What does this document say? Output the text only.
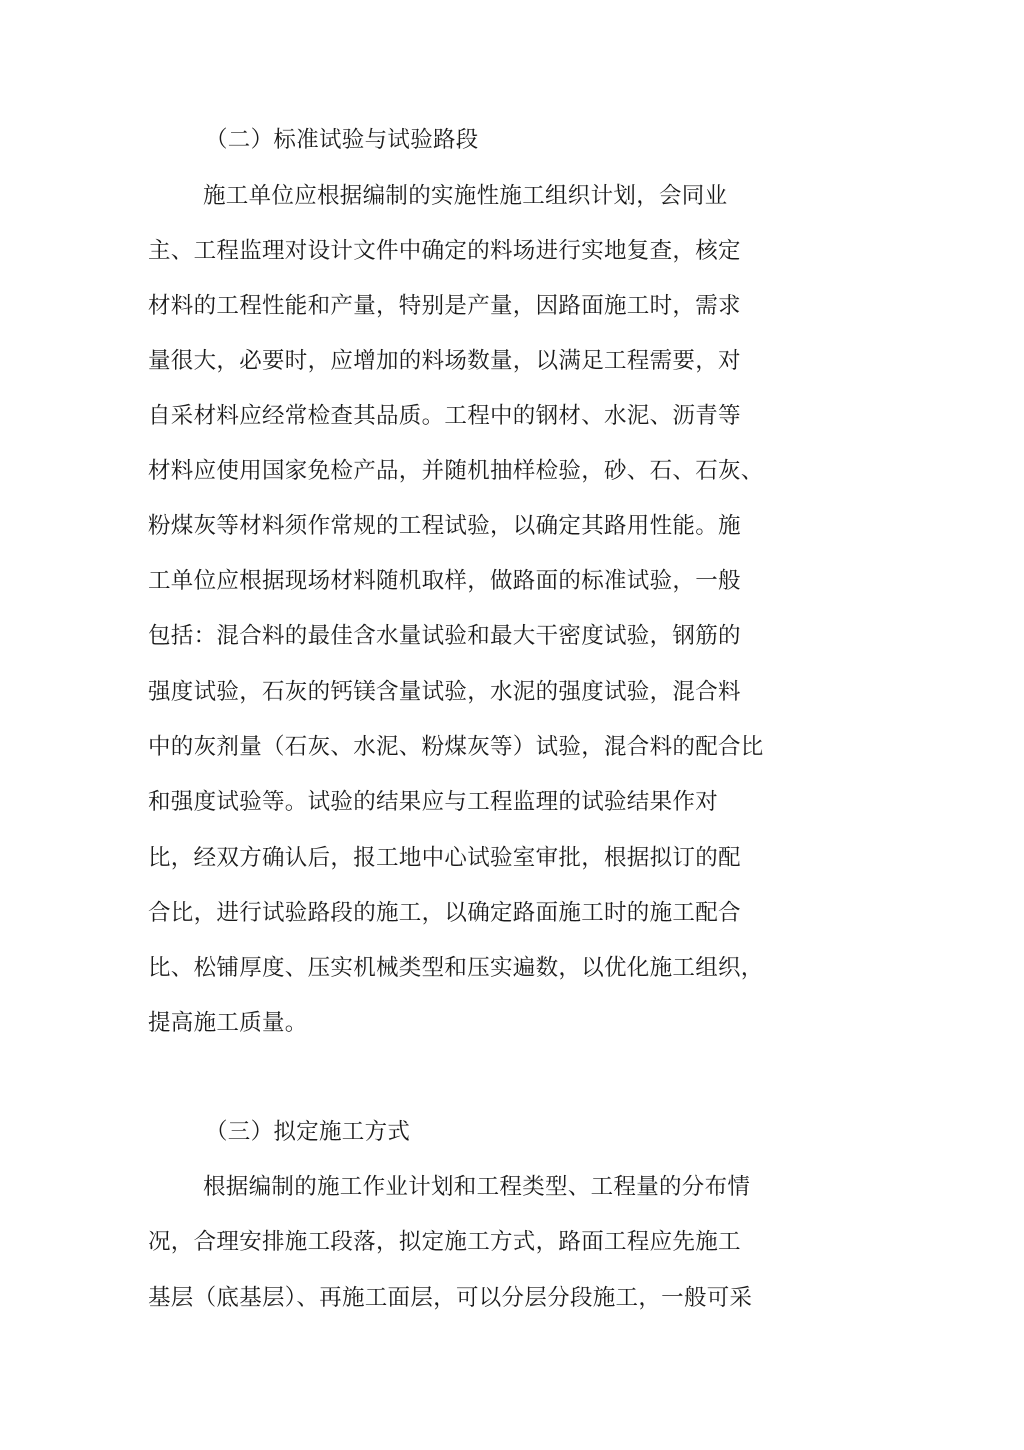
（二）标准试验与试验路段
施工单位应根据编制的实施性施工组织计划，会同业
主、工程监理对设计文件中确定的料场进行实地复查，核定
材料的工程性能和产量，特别是产量，因路面施工时，需求
量很大，必要时，应增加的料场数量，以满足工程需要，对
自采材料应经常检查其品质。工程中的钢材、水泥、沥青等
材料应使用国家免检产品，并随机抽样检验，砂、石、石灰、
粉煤灰等材料须作常规的工程试验，以确定其路用性能。施
工单位应根据现场材料随机取样，做路面的标准试验，一般
包括：混合料的最佳含水量试验和最大干密度试验，钢筋的
强度试验，石灰的钙镁含量试验，水泥的强度试验，混合料
中的灰剂量（石灰、水泥、粉煤灰等）试验，混合料的配合比
和强度试验等。试验的结果应与工程监理的试验结果作对
比，经双方确认后，报工地中心试验室审批，根据拟订的配
合比，进行试验路段的施工，以确定路面施工时的施工配合
比、松铺厚度、压实机械类型和压实遍数，以优化施工组织，
提高施工质量。
（三）拟定施工方式
根据编制的施工作业计划和工程类型、工程量的分布情
况，合理安排施工段落，拟定施工方式，路面工程应先施工
基层（底基层）、再施工面层，可以分层分段施工，一般可采
